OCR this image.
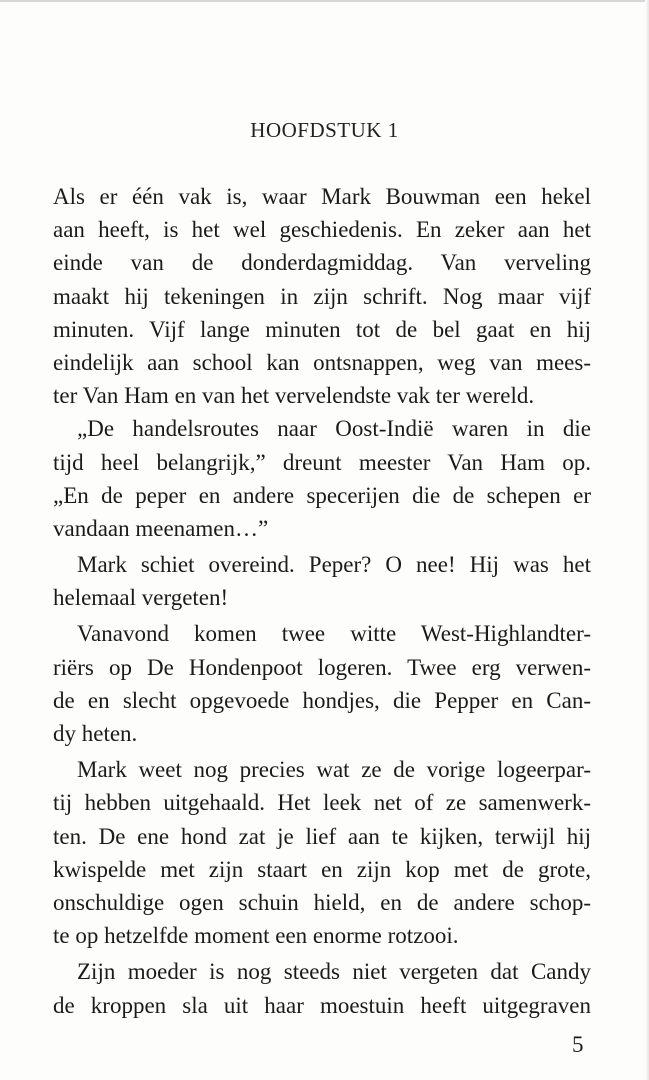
HOOFDSTUK 1
Als er één vak is, waar Mark Bouwman een hekel
aan heeft, is het wel geschiedenis. En zeker aan het
einde van de donderdagmiddag. Van verveling
maakt hij tekeningen in zijn schrift. Nog maar vijf
minuten. Vijf lange minuten tot de bel gaat en hij
eindelijk aan school kan ontsnappen, weg van mees-
ter Van Ham en van het vervelendste vak ter wereld.
„De handelsroutes naar Oost-Indië waren in die
tijd heel belangrijk,” dreunt meester Van Ham op.
„En de peper en andere specerijen die de schepen er
vandaan meenamen…”
Mark schiet overeind. Peper? O nee! Hij was het
helemaal vergeten!
Vanavond komen twee witte West-Highlandter-
riërs op De Hondenpoot logeren. Twee erg verwen-
de en slecht opgevoede hondjes, die Pepper en Can-
dy heten.
Mark weet nog precies wat ze de vorige logeerpar-
tij hebben uitgehaald. Het leek net of ze samenwerk-
ten. De ene hond zat je lief aan te kijken, terwijl hij
kwispelde met zijn staart en zijn kop met de grote,
onschuldige ogen schuin hield, en de andere schop-
te op hetzelfde moment een enorme rotzooi.
Zijn moeder is nog steeds niet vergeten dat Candy
de kroppen sla uit haar moestuin heeft uitgegraven
5
